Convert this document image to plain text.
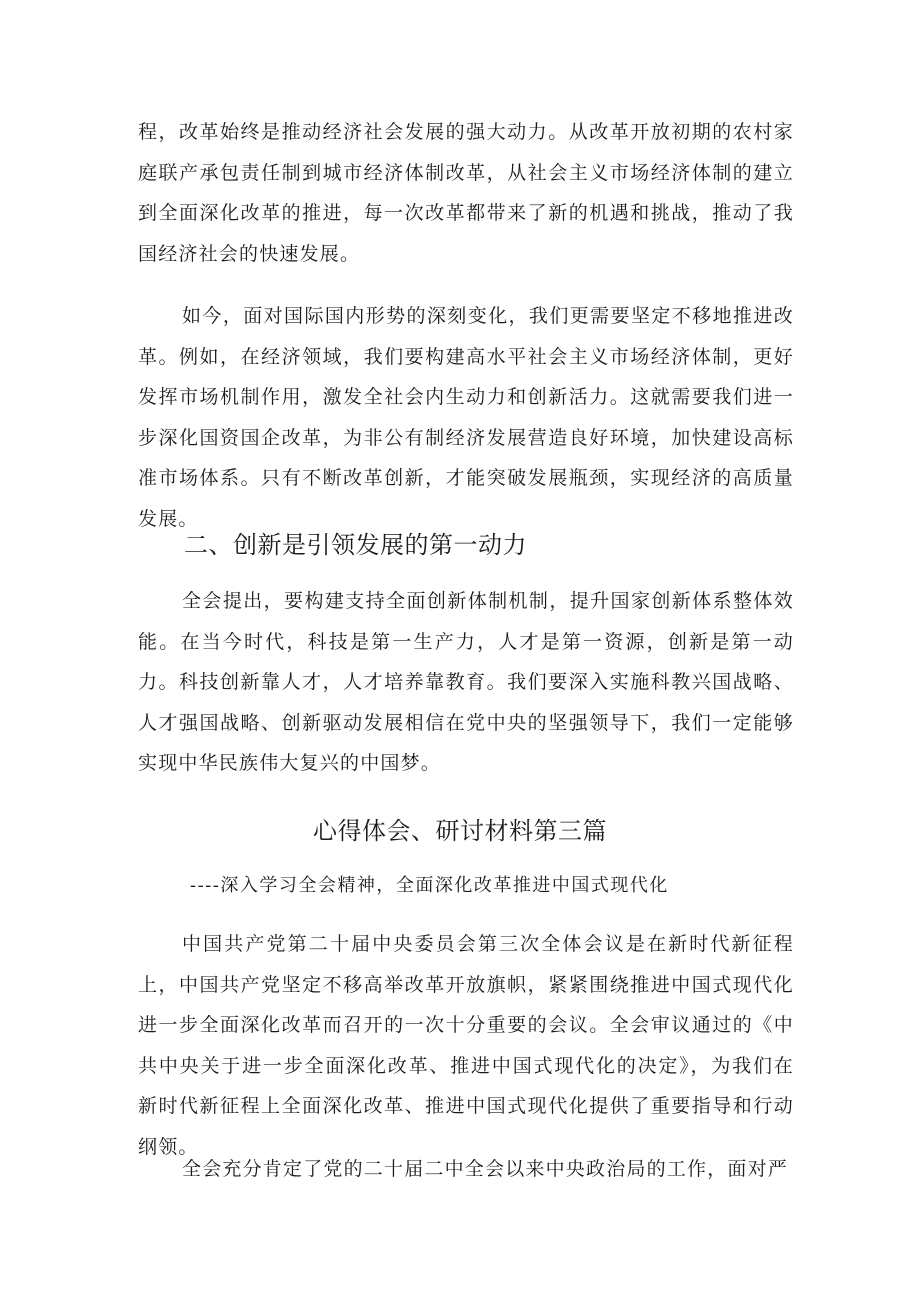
程，改革始终是推动经济社会发展的强大动力。从改革开放初期的农村家庭联产承包责任制到城市经济体制改革，从社会主义市场经济体制的建立到全面深化改革的推进，每一次改革都带来了新的机遇和挑战，推动了我国经济社会的快速发展。

如今，面对国际国内形势的深刻变化，我们更需要坚定不移地推进改革。例如，在经济领域，我们要构建高水平社会主义市场经济体制，更好发挥市场机制作用，激发全社会内生动力和创新活力。这就需要我们进一步深化国资国企改革，为非公有制经济发展营造良好环境，加快建设高标准市场体系。只有不断改革创新，才能突破发展瓶颈，实现经济的高质量发展。

二、创新是引领发展的第一动力

全会提出，要构建支持全面创新体制机制，提升国家创新体系整体效能。在当今时代，科技是第一生产力，人才是第一资源，创新是第一动力。科技创新靠人才，人才培养靠教育。我们要深入实施科教兴国战略、人才强国战略、创新驱动发展相信在党中央的坚强领导下，我们一定能够实现中华民族伟大复兴的中国梦。

心得体会、研讨材料第三篇

----深入学习全会精神，全面深化改革推进中国式现代化

中国共产党第二十届中央委员会第三次全体会议是在新时代新征程上，中国共产党坚定不移高举改革开放旗帜，紧紧围绕推进中国式现代化进一步全面深化改革而召开的一次十分重要的会议。全会审议通过的《中共中央关于进一步全面深化改革、推进中国式现代化的决定》，为我们在新时代新征程上全面深化改革、推进中国式现代化提供了重要指导和行动纲领。

全会充分肯定了党的二十届二中全会以来中央政治局的工作，面对严
